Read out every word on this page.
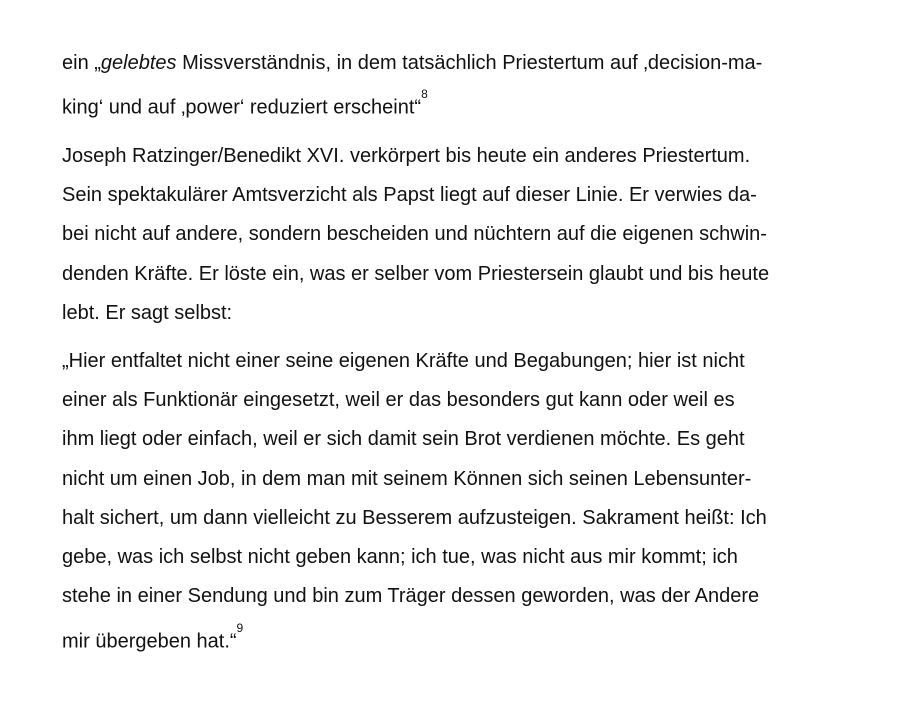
ein „gelebtes Missverständnis, in dem tatsächlich Priestertum auf ‚decision-ma-
king‘ und auf ‚power‘ reduziert erscheint“$^8$

Joseph Ratzinger/Benedikt XVI. verkörpert bis heute ein anderes Priestertum.
Sein spektakulärer Amtsverzicht als Papst liegt auf dieser Linie. Er verwies da-
bei nicht auf andere, sondern bescheiden und nüchtern auf die eigenen schwin-
denden Kräfte. Er löste ein, was er selber vom Priestersein glaubt und bis heute
lebt. Er sagt selbst:

„Hier entfaltet nicht einer seine eigenen Kräfte und Begabungen; hier ist nicht
einer als Funktionär eingesetzt, weil er das besonders gut kann oder weil es
ihm liegt oder einfach, weil er sich damit sein Brot verdienen möchte. Es geht
nicht um einen Job, in dem man mit seinem Können sich seinen Lebensunter-
halt sichert, um dann vielleicht zu Besserem aufzusteigen. Sakrament heißt: Ich
gebe, was ich selbst nicht geben kann; ich tue, was nicht aus mir kommt; ich
stehe in einer Sendung und bin zum Träger dessen geworden, was der Andere
mir übergeben hat.“$^9$
